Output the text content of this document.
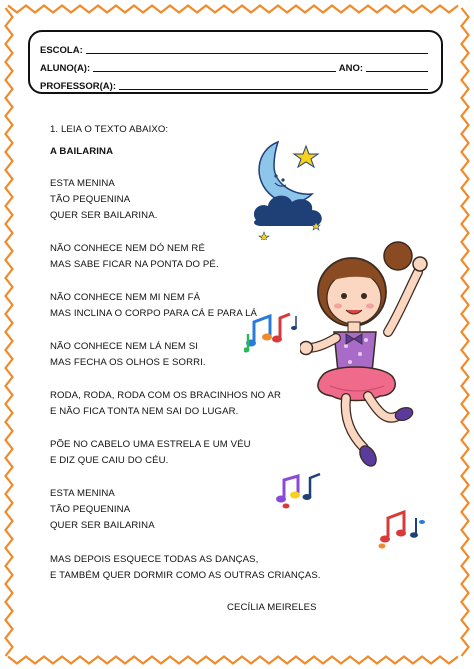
ESCOLA:
ALUNO(A):	ANO:
PROFESSOR(A):
1. LEIA O TEXTO ABAIXO:
A BAILARINA
ESTA MENINA
TÃO PEQUENINA
QUER SER BAILARINA.
NÃO CONHECE NEM DÓ NEM RÉ
MAS SABE FICAR NA PONTA DO PÉ.
NÃO CONHECE NEM MI NEM FÁ
MAS INCLINA O CORPO PARA CÁ E PARA LÁ
NÃO CONHECE NEM LÁ NEM SI
MAS FECHA OS OLHOS E SORRI.
RODA, RODA, RODA COM OS BRACINHOS NO AR
E NÃO FICA TONTA NEM SAI DO LUGAR.
PÕE NO CABELO UMA ESTRELA E UM VÉU
E DIZ QUE CAIU DO CÉU.
ESTA MENINA
TÃO PEQUENINA
QUER SER BAILARINA
MAS DEPOIS ESQUECE TODAS AS DANÇAS,
E TAMBÉM QUER DORMIR COMO AS OUTRAS CRIANÇAS.
CECÍLIA MEIRELES
